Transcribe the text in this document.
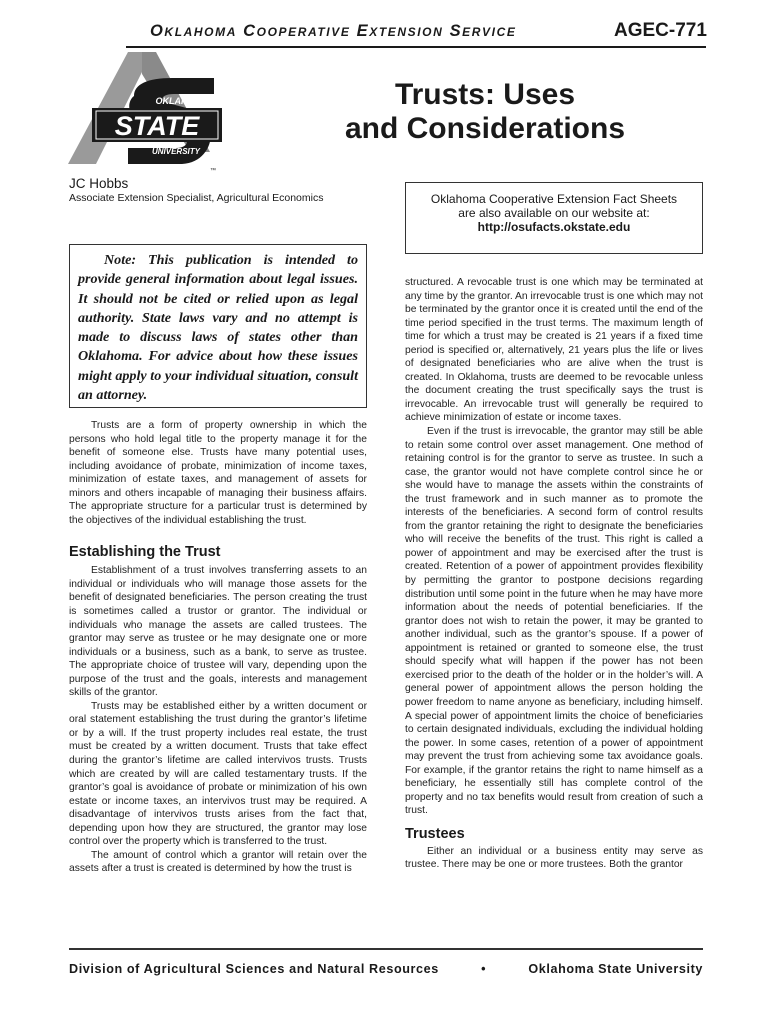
Oklahoma Cooperative Extension Service	AGEC-771
OKLAHOMA
STATE
UNIVERSITY
™
Trusts: Uses
and Considerations
JC Hobbs
Associate Extension Specialist, Agricultural Economics	Oklahoma Cooperative Extension Fact Sheets
are also available on our website at:
http://osufacts.okstate.edu
Note: This publication is intended to provide general information about legal issues. It should not be cited or relied upon as legal authority. State laws vary and no attempt is made to discuss laws of states other than Oklahoma. For advice about how these issues might apply to your individual situation, consult an attorney.

Trusts are a form of property ownership in which the persons who hold legal title to the property manage it for the benefit of someone else. Trusts have many potential uses, including avoidance of probate, minimization of income taxes, minimization of estate taxes, and management of assets for minors and others incapable of managing their business affairs. The appropriate structure for a particular trust is determined by the objectives of the individual establishing the trust.

Establishing the Trust

Establishment of a trust involves transferring assets to an individual or individuals who will manage those assets for the benefit of designated beneficiaries. The person creating the trust is sometimes called a trustor or grantor. The individual or individuals who manage the assets are called trustees. The grantor may serve as trustee or he may designate one or more individuals or a business, such as a bank, to serve as trustee. The appropriate choice of trustee will vary, depending upon the purpose of the trust and the goals, interests and management skills of the grantor.

Trusts may be established either by a written document or oral statement establishing the trust during the grantor’s lifetime or by a will. If the trust property includes real estate, the trust must be created by a written document. Trusts that take effect during the grantor’s lifetime are called intervivos trusts. Trusts which are created by will are called testamentary trusts. If the grantor’s goal is avoidance of probate or minimization of his own estate or income taxes, an intervivos trust may be required. A disadvantage of intervivos trusts arises from the fact that, depending upon how they are structured, the grantor may lose control over the property which is transferred to the trust.

The amount of control which a grantor will retain over the assets after a trust is created is determined by how the trust is

structured. A revocable trust is one which may be terminated at any time by the grantor. An irrevocable trust is one which may not be terminated by the grantor once it is created until the end of the time period specified in the trust terms. The maximum length of time for which a trust may be created is 21 years if a fixed time period is specified or, alternatively, 21 years plus the life or lives of designated beneficiaries who are alive when the trust is created. In Oklahoma, trusts are deemed to be revocable unless the document creating the trust specifically says the trust is irrevocable. An irrevocable trust will generally be required to achieve minimization of estate or income taxes.

Even if the trust is irrevocable, the grantor may still be able to retain some control over asset management. One method of retaining control is for the grantor to serve as trustee. In such a case, the grantor would not have complete control since he or she would have to manage the assets within the constraints of the trust framework and in such manner as to promote the interests of the beneficiaries. A second form of control results from the grantor retaining the right to designate the beneficiaries who will receive the benefits of the trust. This right is called a power of appointment and may be exercised after the trust is created. Retention of a power of appointment provides flexibility by permitting the grantor to postpone decisions regarding distribution until some point in the future when he may have more information about the needs of potential beneficiaries. If the grantor does not wish to retain the power, it may be granted to another individual, such as the grantor’s spouse. If a power of appointment is retained or granted to someone else, the trust should specify what will happen if the power has not been exercised prior to the death of the holder or in the holder’s will. A general power of appointment allows the person holding the power freedom to name anyone as beneficiary, including himself. A special power of appointment limits the choice of beneficiaries to certain designated individuals, excluding the individual holding the power. In some cases, retention of a power of appointment may prevent the trust from achieving some tax avoidance goals. For example, if the grantor retains the right to name himself as a beneficiary, he essentially still has complete control of the property and no tax benefits would result from creation of such a trust.

Trustees

Either an individual or a business entity may serve as trustee. There may be one or more trustees. Both the grantor

Division of Agricultural Sciences and Natural Resources	•	Oklahoma State University
